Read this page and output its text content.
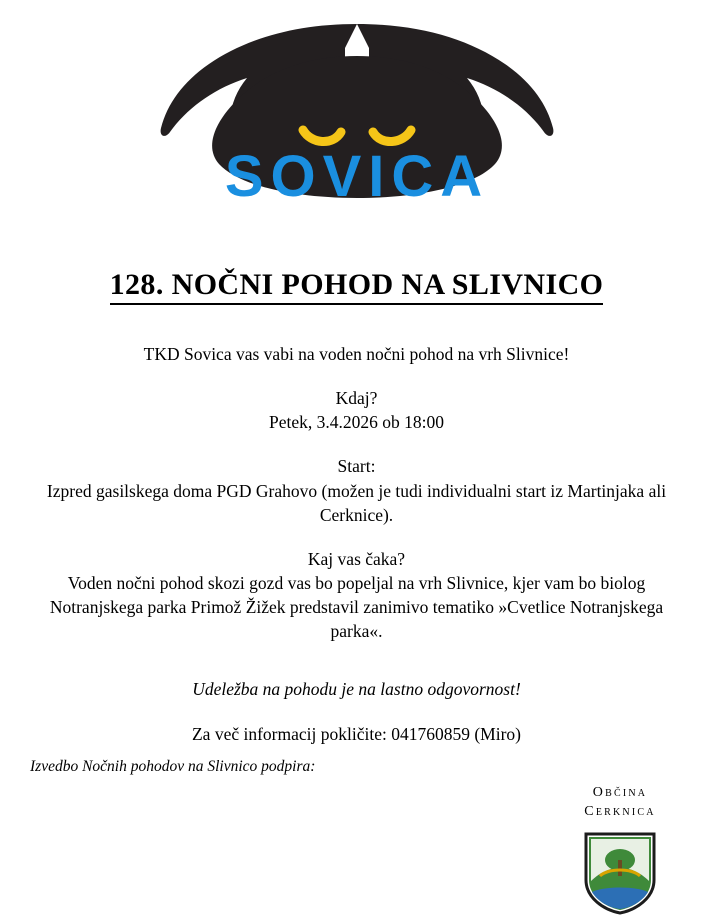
SOVICA
128. NOČNI POHOD NA SLIVNICO
TKD Sovica vas vabi na voden nočni pohod na vrh Slivnice!
Kdaj?
Petek, 3.4.2026 ob 18:00
Start:
Izpred gasilskega doma PGD Grahovo (možen je tudi individualni start iz Martinjaka ali
Cerknice).
Kaj vas čaka?
Voden nočni pohod skozi gozd vas bo popeljal na vrh Slivnice, kjer vam bo biolog
Notranjskega parka Primož Žižek predstavil zanimivo tematiko »Cvetlice Notranjskega
parka«.
Udeležba na pohodu je na lastno odgovornost!
Za več informacij pokličite: 041760859 (Miro)
Izvedbo Nočnih pohodov na Slivnico podpira:
Občina
Cerknica
